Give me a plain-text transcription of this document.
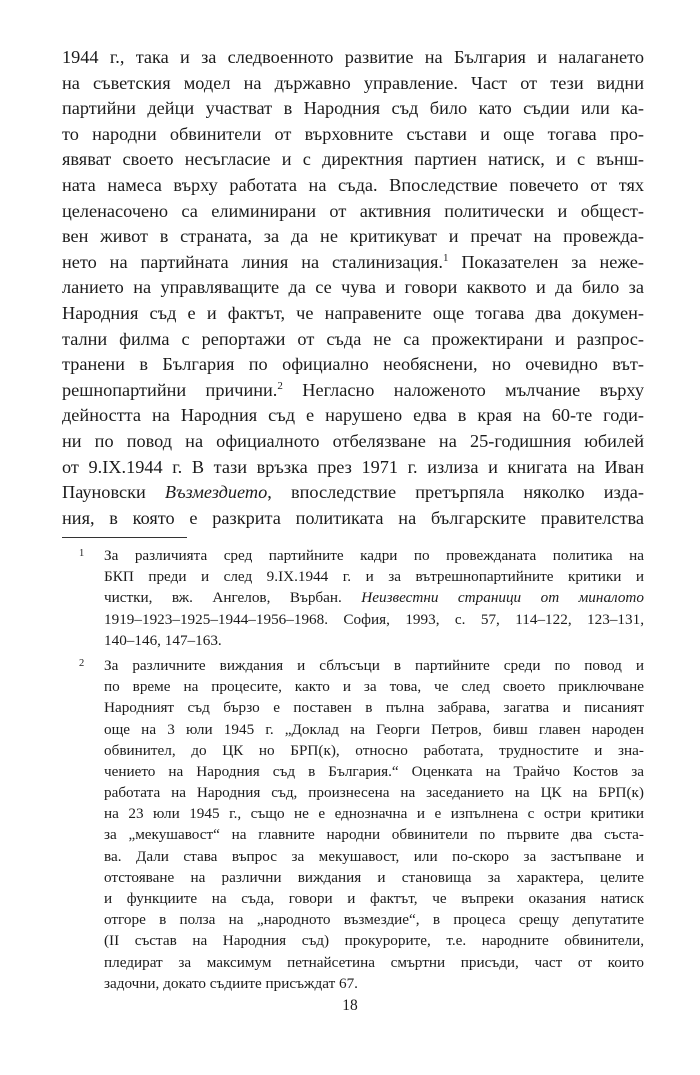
1944 г., така и за следвоенното развитие на България и налагането
на съветския модел на държавно управление. Част от тези видни
партийни дейци участват в Народния съд било като съдии или ка-
то народни обвинители от върховните състави и още тогава про-
явяват своето несъгласие и с директния партиен натиск, и с външ-
ната намеса върху работата на съда. Впоследствие повечето от тях
целенасочено са елиминирани от активния политически и общест-
вен живот в страната, за да не критикуват и пречат на провежда-
нето на партийната линия на сталинизация.$^1$ Показателен за неже-
ланието на управляващите да се чува и говори каквото и да било за
Народния съд е и фактът, че направените още тогава два докумен-
тални филма с репортажи от съда не са прожектирани и разпрос-
транени в България по официално необяснени, но очевидно вът-
решнопартийни причини.$^2$ Негласно наложеното мълчание върху
дейността на Народния съд е нарушено едва в края на 60-те годи-
ни по повод на официалното отбелязване на 25-годишния юбилей
от 9.IX.1944 г. В тази връзка през 1971 г. излиза и книгата на Иван
Пауновски Възмездието, впоследствие претърпяла няколко изда-
ния, в която е разкрита политиката на българските правителства
1 За различията сред партийните кадри по провежданата политика на
БКП преди и след 9.IX.1944 г. и за вътрешнопартийните критики и
чистки, вж. Ангелов, Върбан. Неизвестни страници от миналото
1919–1923–1925–1944–1956–1968. София, 1993, с. 57, 114–122, 123–131,
140–146, 147–163.
2 За различните виждания и сблъсъци в партийните среди по повод и
по време на процесите, както и за това, че след своето приключване
Народният съд бързо е поставен в пълна забрава, загатва и писаният
още на 3 юли 1945 г. „Доклад на Георги Петров, бивш главен народен
обвинител, до ЦК но БРП(к), относно работата, трудностите и зна-
чението на Народния съд в България.“ Оценката на Трайчо Костов за
работата на Народния съд, произнесена на заседанието на ЦК на БРП(к)
на 23 юли 1945 г., също не е еднозначна и е изпълнена с остри критики
за „мекушавост“ на главните народни обвинители по първите два съста-
ва. Дали става въпрос за мекушавост, или по-скоро за застъпване и
отстояване на различни виждания и становища за характера, целите
и функциите на съда, говори и фактът, че въпреки оказания натиск
отгоре в полза на „народното възмездие“, в процеса срещу депутатите
(II състав на Народния съд) прокурорите, т.е. народните обвинители,
пледират за максимум петнайсетина смъртни присъди, част от които
задочни, докато съдиите присъждат 67.
18
